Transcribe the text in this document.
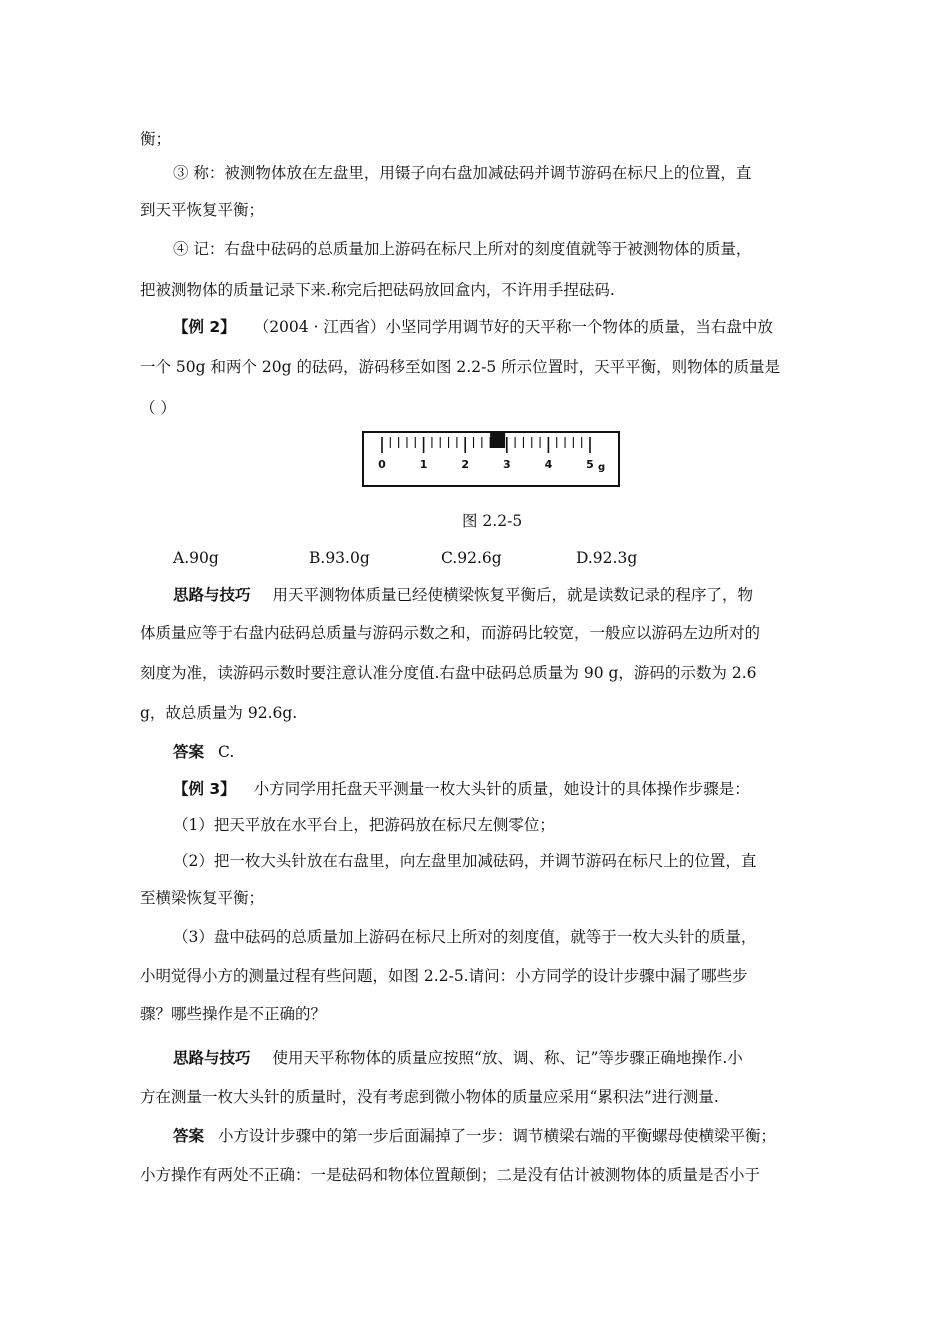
衡；
③ 称：被测物体放在左盘里，用镊子向右盘加减砝码并调节游码在标尺上的位置，直
到天平恢复平衡；
④ 记：右盘中砝码的总质量加上游码在标尺上所对的刻度值就等于被测物体的质量，
把被测物体的质量记录下来.称完后把砝码放回盒内，不许用手捏砝码.
【例 2】 （2004 · 江西省）小坚同学用调节好的天平称一个物体的质量，当右盘中放
一个 50g 和两个 20g 的砝码，游码移至如图 2.2-5 所示位置时，天平平衡，则物体的质量是
（ ）
0	1	2	3	4	5 g
图 2.2-5
A.90g	B.93.0g	C.92.6g	D.92.3g
思路与技巧 用天平测物体质量已经使横梁恢复平衡后，就是读数记录的程序了，物
体质量应等于右盘内砝码总质量与游码示数之和，而游码比较宽，一般应以游码左边所对的
刻度为准，读游码示数时要注意认准分度值.右盘中砝码总质量为 90 g，游码的示数为 2.6
g，故总质量为 92.6g.
答案 C.
【例 3】 小方同学用托盘天平测量一枚大头针的质量，她设计的具体操作步骤是：
（1）把天平放在水平台上，把游码放在标尺左侧零位；
（2）把一枚大头针放在右盘里，向左盘里加减砝码，并调节游码在标尺上的位置，直
至横梁恢复平衡；
（3）盘中砝码的总质量加上游码在标尺上所对的刻度值，就等于一枚大头针的质量，
小明觉得小方的测量过程有些问题，如图 2.2-5.请问：小方同学的设计步骤中漏了哪些步
骤？哪些操作是不正确的？
思路与技巧 使用天平称物体的质量应按照“放、调、称、记”等步骤正确地操作.小
方在测量一枚大头针的质量时，没有考虑到微小物体的质量应采用“累积法”进行测量.
答案 小方设计步骤中的第一步后面漏掉了一步：调节横梁右端的平衡螺母使横梁平衡；
小方操作有两处不正确：一是砝码和物体位置颠倒；二是没有估计被测物体的质量是否小于
